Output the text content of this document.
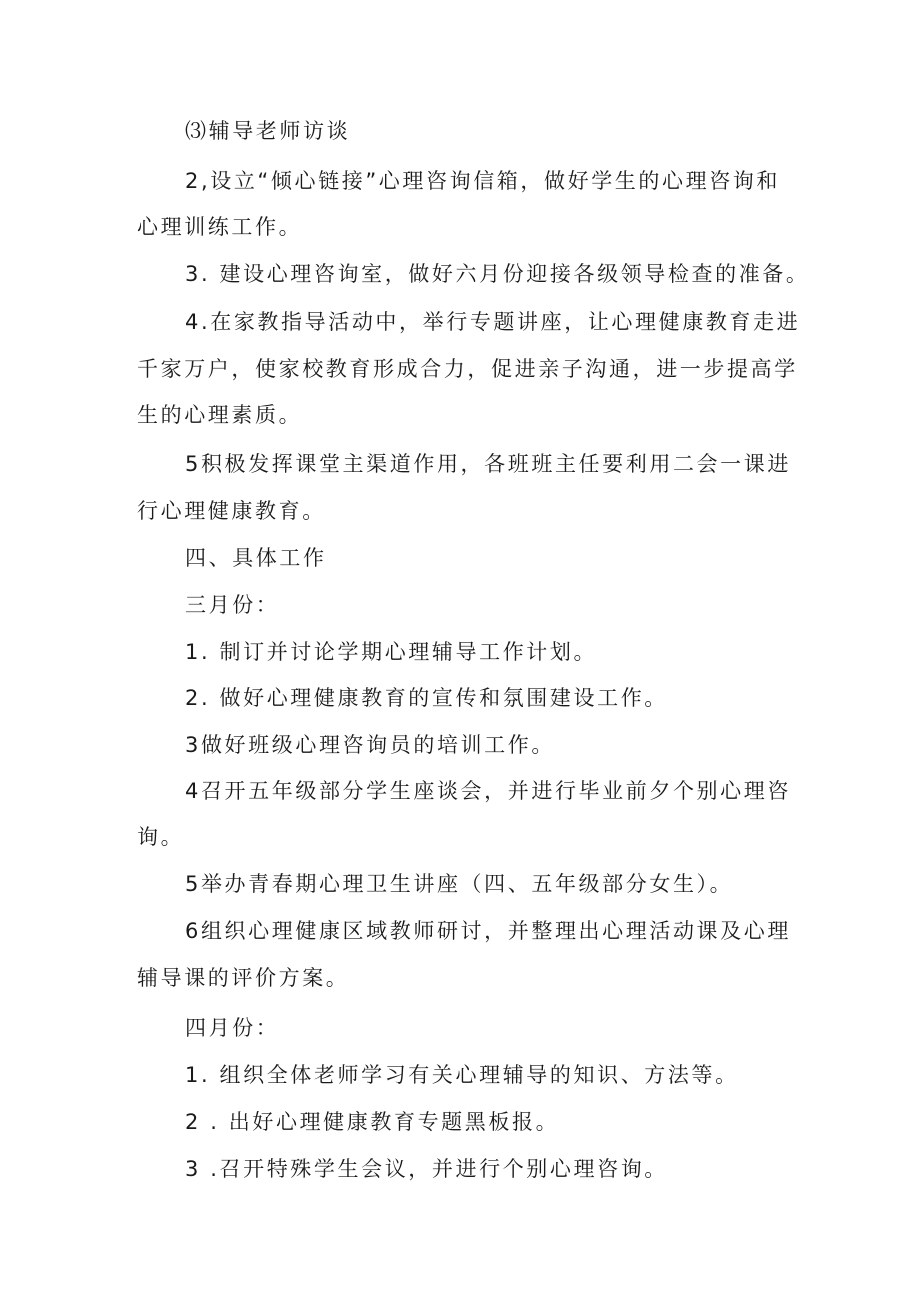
⑶辅导老师访谈

2,设立“倾心链接”心理咨询信箱，做好学生的心理咨询和

心理训练工作。

3. 建设心理咨询室，做好六月份迎接各级领导检查的准备。

4.在家教指导活动中，举行专题讲座，让心理健康教育走进

千家万户，使家校教育形成合力，促进亲子沟通，进一步提高学

生的心理素质。

5积极发挥课堂主渠道作用，各班班主任要利用二会一课进

行心理健康教育。

四、具体工作

三月份：

1. 制订并讨论学期心理辅导工作计划。

2. 做好心理健康教育的宣传和氛围建设工作。

3做好班级心理咨询员的培训工作。

4召开五年级部分学生座谈会，并进行毕业前夕个别心理咨

询。

5举办青春期心理卫生讲座（四、五年级部分女生）。

6组织心理健康区域教师研讨，并整理出心理活动课及心理

辅导课的评价方案。

四月份：

1. 组织全体老师学习有关心理辅导的知识、方法等。

2 . 出好心理健康教育专题黑板报。

3 .召开特殊学生会议，并进行个别心理咨询。
